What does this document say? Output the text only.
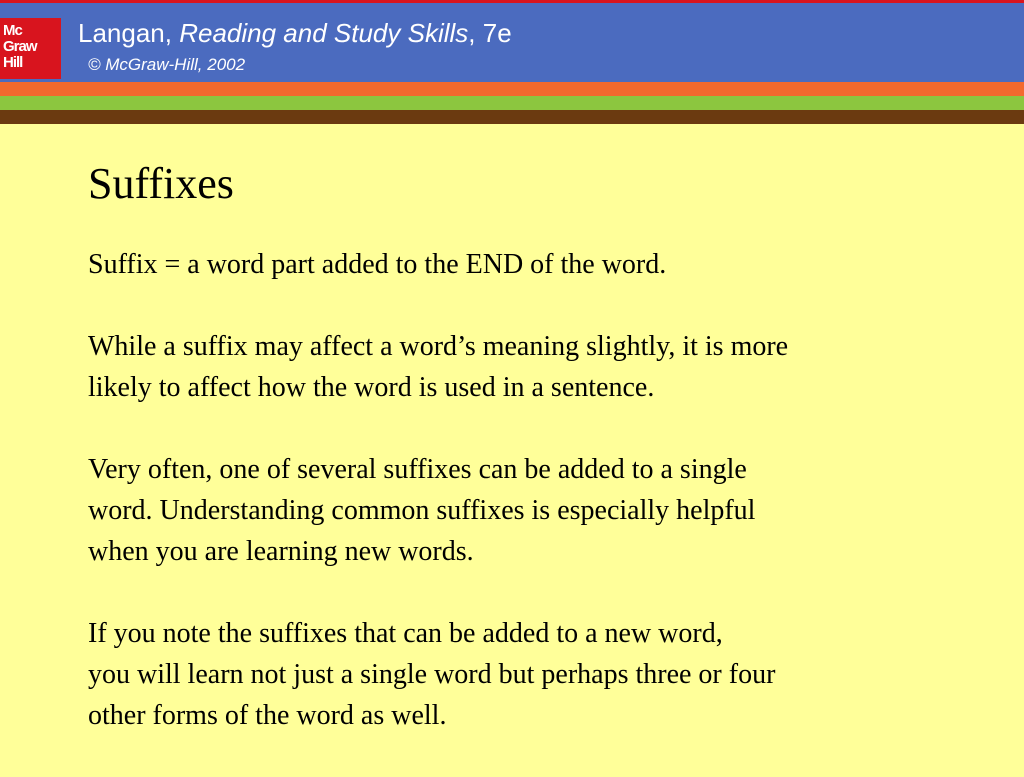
Mc
Graw
Hill
Langan, Reading and Study Skills, 7e
© McGraw-Hill, 2002
Suffixes

Suffix = a word part added to the END of the word.

While a suffix may affect a word’s meaning slightly, it is more
likely to affect how the word is used in a sentence.

Very often, one of several suffixes can be added to a single
word. Understanding common suffixes is especially helpful
when you are learning new words.

If you note the suffixes that can be added to a new word,
you will learn not just a single word but perhaps three or four
other forms of the word as well.
